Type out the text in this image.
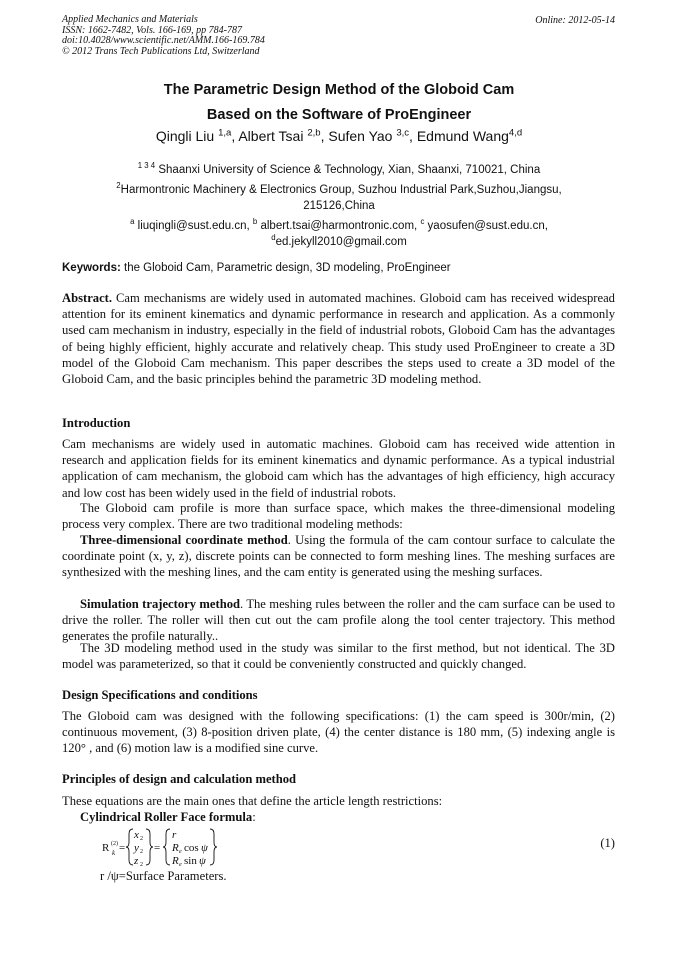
Applied Mechanics and Materials
ISSN: 1662-7482, Vols. 166-169, pp 784-787
doi:10.4028/www.scientific.net/AMM.166-169.784
© 2012 Trans Tech Publications Ltd, Switzerland
Online: 2012-05-14
The Parametric Design Method of the Globoid Cam
Based on the Software of ProEngineer
Qingli Liu $^{1,a}$, Albert Tsai $^{2,b}$, Sufen Yao $^{3,c}$, Edmund Wang$^{4,d}$
$^{1 3 4}$ Shaanxi University of Science & Technology, Xian, Shaanxi, 710021, China
$^2$Harmontronic Machinery & Electronics Group, Suzhou Industrial Park,Suzhou,Jiangsu,
215126,China
$^a$ liuqingli@sust.edu.cn, $^b$ albert.tsai@harmontronic.com, $^c$ yaosufen@sust.edu.cn,
$^d$ed.jekyll2010@gmail.com
Keywords: the Globoid Cam, Parametric design, 3D modeling, ProEngineer
Abstract. Cam mechanisms are widely used in automated machines. Globoid cam has received widespread attention for its eminent kinematics and dynamic performance in research and application. As a commonly used cam mechanism in industry, especially in the field of industrial robots, Globoid Cam has the advantages of being highly efficient, highly accurate and relatively cheap. This study used ProEngineer to create a 3D model of the Globoid Cam mechanism. This paper describes the steps used to create a 3D model of the Globoid Cam, and the basic principles behind the parametric 3D modeling method.
Introduction
Cam mechanisms are widely used in automatic machines. Globoid cam has received wide attention in research and application fields for its eminent kinematics and dynamic performance. As a typical industrial application of cam mechanism, the globoid cam which has the advantages of high efficiency, high accuracy and low cost has been widely used in the field of industrial robots.
The Globoid cam profile is more than surface space, which makes the three-dimensional modeling process very complex. There are two traditional modeling methods:
Three-dimensional coordinate method. Using the formula of the cam contour surface to calculate the coordinate point (x, y, z), discrete points can be connected to form meshing lines. The meshing surfaces are synthesized with the meshing lines, and the cam entity is generated using the meshing surfaces.
Simulation trajectory method. The meshing rules between the roller and the cam surface can be used to drive the roller. The roller will then cut out the cam profile along the tool center trajectory. This method generates the profile naturally..
The 3D modeling method used in the study was similar to the first method, but not identical. The 3D model was parameterized, so that it could be conveniently constructed and quickly changed.
Design Specifications and conditions
The Globoid cam was designed with the following specifications: (1) the cam speed is 300r/min, (2) continuous movement, (3) 8-position driven plate, (4) the center distance is 180 mm, (5) indexing angle is 120° , and (6) motion law is a modified sine curve.
Principles of design and calculation method
These equations are the main ones that define the article length restrictions:
Cylindrical Roller Face formula:
R (2)
k =
x 2
y 2
z 2
=
r
R e cos ψ
R e sin ψ
(1)
r /ψ=Surface Parameters.
